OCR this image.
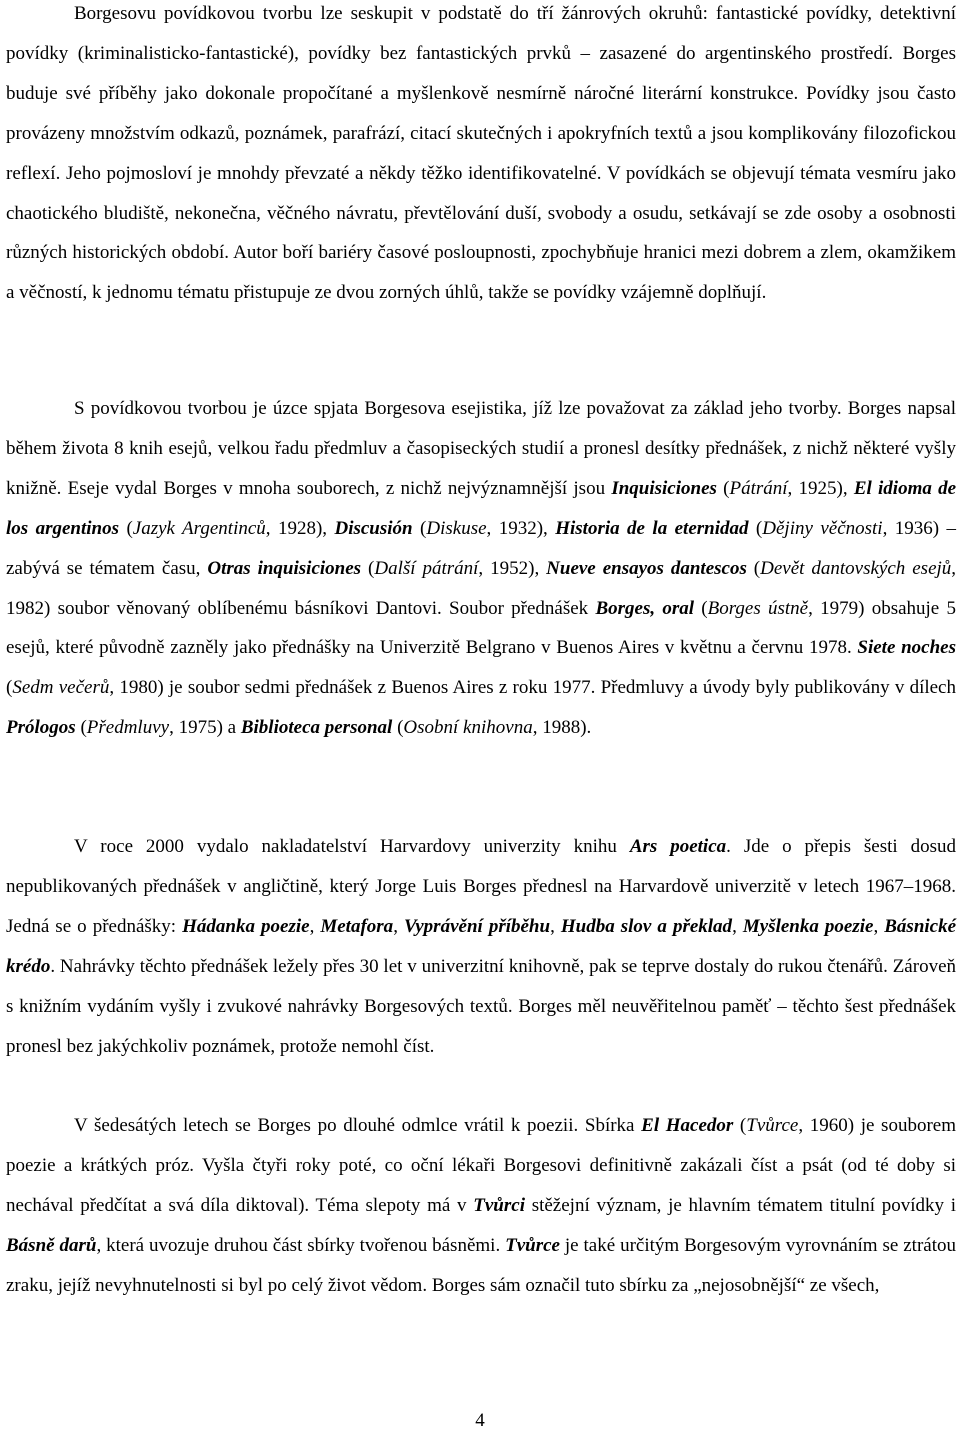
Borgesovu povídkovou tvorbu lze seskupit v podstatě do tří žánrových okruhů: fantastické povídky, detektivní povídky (kriminalisticko-fantastické), povídky bez fantastických prvků – zasazené do argentinského prostředí. Borges buduje své příběhy jako dokonale propočítané a myšlenkově nesmírně náročné literární konstrukce. Povídky jsou často provázeny množstvím odkazů, poznámek, parafrází, citací skutečných i apokryfních textů a jsou komplikovány filozofickou reflexí. Jeho pojmosloví je mnohdy převzaté a někdy těžko identifikovatelné. V povídkách se objevují témata vesmíru jako chaotického bludiště, nekonečna, věčného návratu, převtělování duší, svobody a osudu, setkávají se zde osoby a osobnosti různých historických období. Autor boří bariéry časové posloupnosti, zpochybňuje hranici mezi dobrem a zlem, okamžikem a věčností, k jednomu tématu přistupuje ze dvou zorných úhlů, takže se povídky vzájemně doplňují.

S povídkovou tvorbou je úzce spjata Borgesova esejistika, jíž lze považovat za základ jeho tvorby. Borges napsal během života 8 knih esejů, velkou řadu předmluv a časopiseckých studií a pronesl desítky přednášek, z nichž některé vyšly knižně. Eseje vydal Borges v mnoha souborech, z nichž nejvýznamnější jsou Inquisiciones (Pátrání, 1925), El idioma de los argentinos (Jazyk Argentinců, 1928), Discusión (Diskuse, 1932), Historia de la eternidad (Dějiny věčnosti, 1936) – zabývá se tématem času, Otras inquisiciones (Další pátrání, 1952), Nueve ensayos dantescos (Devět dantovských esejů, 1982) soubor věnovaný oblíbenému básníkovi Dantovi. Soubor přednášek Borges, oral (Borges ústně, 1979) obsahuje 5 esejů, které původně zazněly jako přednášky na Univerzitě Belgrano v Buenos Aires v květnu a červnu 1978. Siete noches (Sedm večerů, 1980) je soubor sedmi přednášek z Buenos Aires z roku 1977. Předmluvy a úvody byly publikovány v dílech Prólogos (Předmluvy, 1975) a Biblioteca personal (Osobní knihovna, 1988).

V roce 2000 vydalo nakladatelství Harvardovy univerzity knihu Ars poetica. Jde o přepis šesti dosud nepublikovaných přednášek v angličtině, který Jorge Luis Borges přednesl na Harvardově univerzitě v letech 1967–1968. Jedná se o přednášky: Hádanka poezie, Metafora, Vyprávění příběhu, Hudba slov a překlad, Myšlenka poezie, Básnické krédo. Nahrávky těchto přednášek ležely přes 30 let v univerzitní knihovně, pak se teprve dostaly do rukou čtenářů. Zároveň s knižním vydáním vyšly i zvukové nahrávky Borgesových textů. Borges měl neuvěřitelnou paměť – těchto šest přednášek pronesl bez jakýchkoliv poznámek, protože nemohl číst.

V šedesátých letech se Borges po dlouhé odmlce vrátil k poezii. Sbírka El Hacedor (Tvůrce, 1960) je souborem poezie a krátkých próz. Vyšla čtyři roky poté, co oční lékaři Borgesovi definitivně zakázali číst a psát (od té doby si nechával předčítat a svá díla diktoval). Téma slepoty má v Tvůrci stěžejní význam, je hlavním tématem titulní povídky i Básně darů, která uvozuje druhou část sbírky tvořenou básněmi. Tvůrce je také určitým Borgesovým vyrovnáním se ztrátou zraku, jejíž nevyhnutelnosti si byl po celý život vědom. Borges sám označil tuto sbírku za „nejosobnější“ ze všech,

4
